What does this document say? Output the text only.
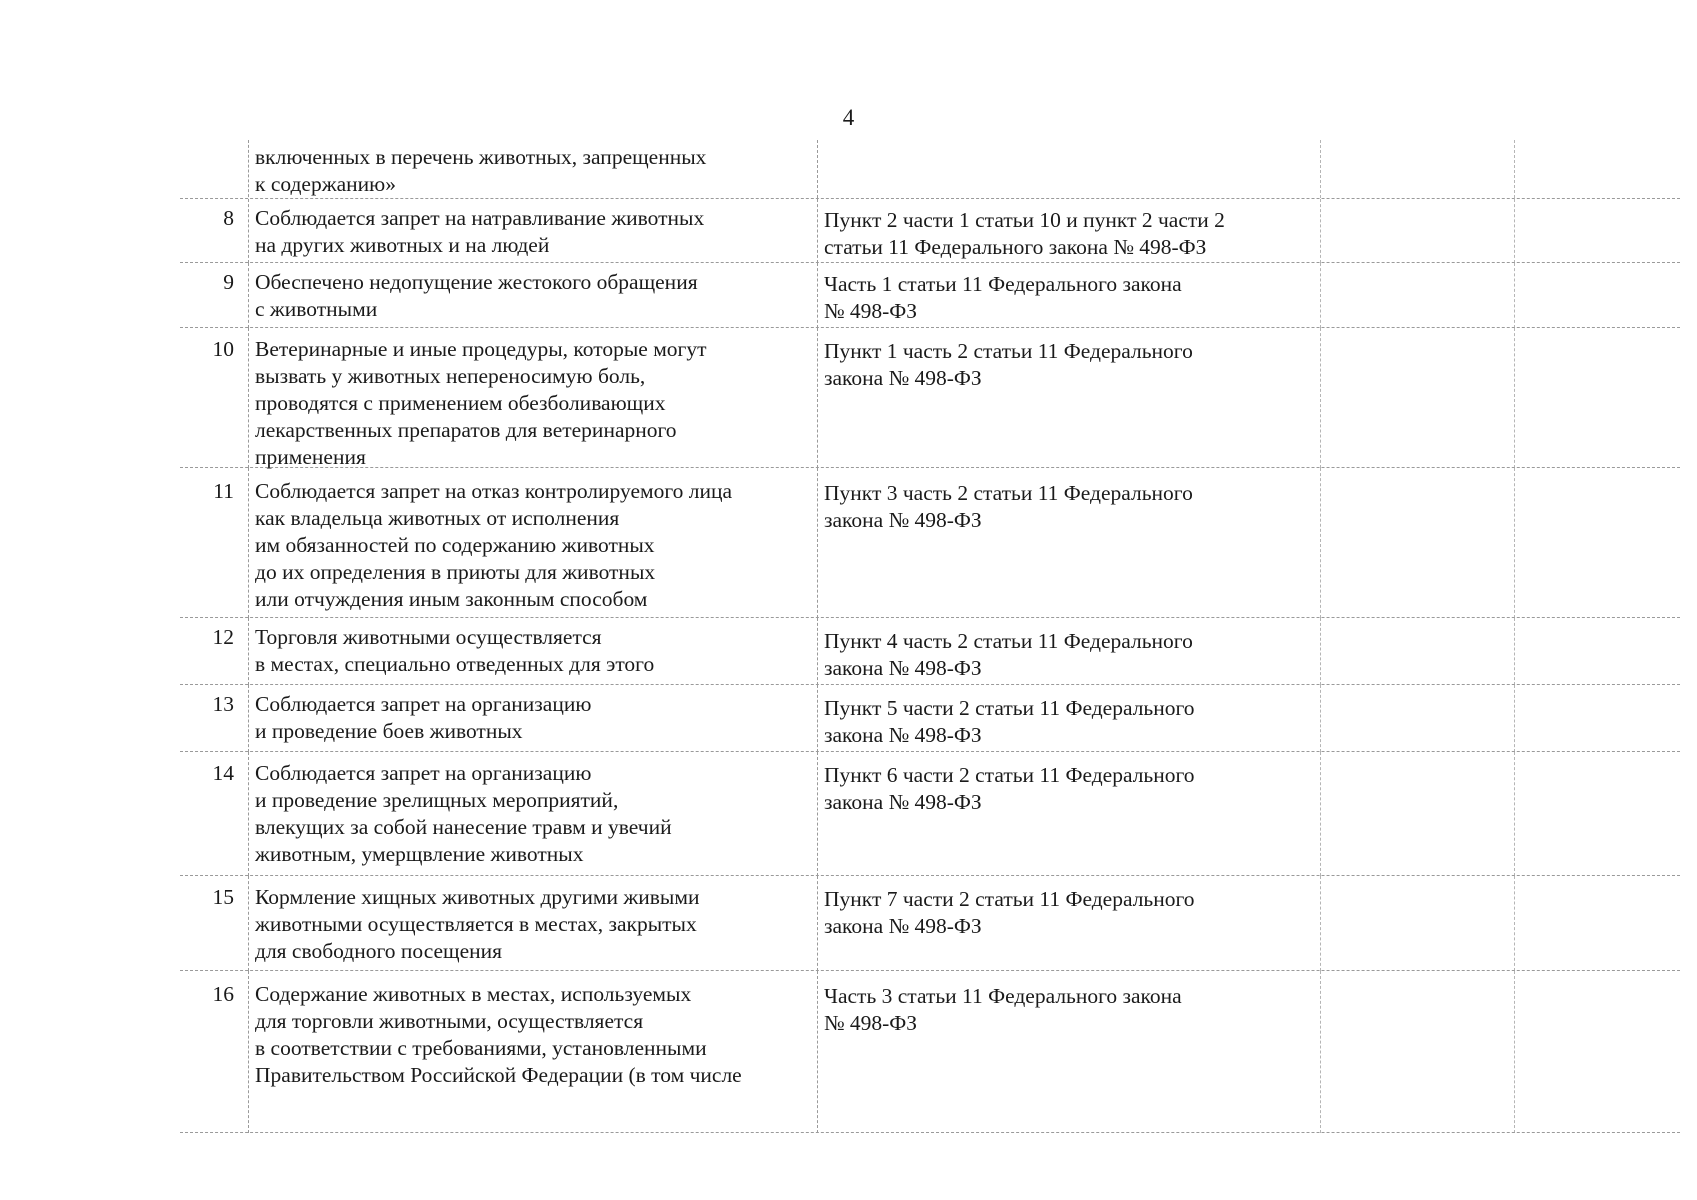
4
включенных в перечень животных, запрещенных
к содержанию»
8 Соблюдается запрет на натравливание животных
на других животных и на людей
Пункт 2 части 1 статьи 10 и пункт 2 части 2
статьи 11 Федерального закона № 498-ФЗ
9 Обеспечено недопущение жестокого обращения
с животными
Часть 1 статьи 11 Федерального закона
№ 498-ФЗ
10 Ветеринарные и иные процедуры, которые могут
вызвать у животных непереносимую боль,
проводятся с применением обезболивающих
лекарственных препаратов для ветеринарного
применения
Пункт 1 часть 2 статьи 11 Федерального
закона № 498-ФЗ
11 Соблюдается запрет на отказ контролируемого лица
как владельца животных от исполнения
им обязанностей по содержанию животных
до их определения в приюты для животных
или отчуждения иным законным способом
Пункт 3 часть 2 статьи 11 Федерального
закона № 498-ФЗ
12 Торговля животными осуществляется
в местах, специально отведенных для этого
Пункт 4 часть 2 статьи 11 Федерального
закона № 498-ФЗ
13 Соблюдается запрет на организацию
и проведение боев животных
Пункт 5 части 2 статьи 11 Федерального
закона № 498-ФЗ
14 Соблюдается запрет на организацию
и проведение зрелищных мероприятий,
влекущих за собой нанесение травм и увечий
животным, умерщвление животных
Пункт 6 части 2 статьи 11 Федерального
закона № 498-ФЗ
15 Кормление хищных животных другими живыми
животными осуществляется в местах, закрытых
для свободного посещения
Пункт 7 части 2 статьи 11 Федерального
закона № 498-ФЗ
16 Содержание животных в местах, используемых
для торговли животными, осуществляется
в соответствии с требованиями, установленными
Правительством Российской Федерации (в том числе
Часть 3 статьи 11 Федерального закона
№ 498-ФЗ
